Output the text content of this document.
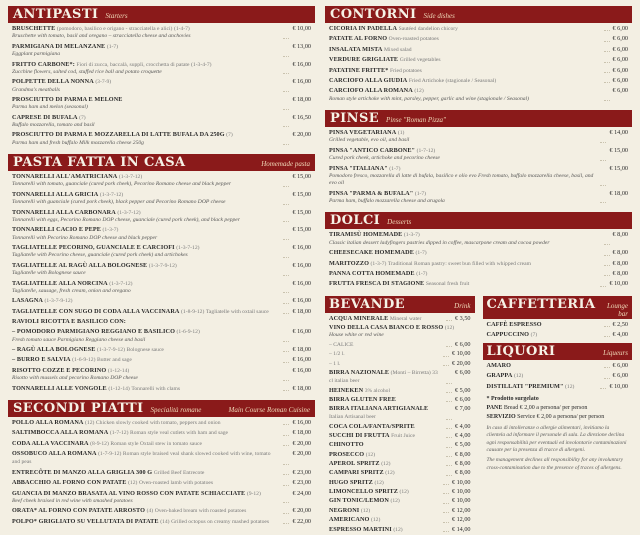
ANTIPASTI Starters
BRUSCHETTE (pomodoro, basilico e origano - stracciatella e alici) (1-4-7)
Bruschette with tomato, basil and oregano – stracciatella cheese and anchovies
€ 10,00
PARMIGIANA DI MELANZANE (1-7)
Eggplant parmigiana
€ 13,00
FRITTO CARBONE*: Fiori di zucca, baccalà, supplì, crocchetta di patate (1-3-4-7)
Zucchine flowers, salted cod, stuffed rice ball and potato croquette
€ 16,00
POLPETTE DELLA NONNA (3-7-9)
Grandma's meatballs
€ 16,00
PROSCIUTTO DI PARMA E MELONE
Parma ham and melon (seasonal)
€ 18,00
CAPRESE DI BUFALA (7)
Buffalo mozzarella, tomato and basil
€ 16,50
PROSCIUTTO DI PARMA E MOZZARELLA DI LATTE BUFALA DA 250G (7)
Parma ham and fresh buffalo Milk mozzarella cheese 250g
€ 20,00
PASTA FATTA IN CASA	Homemade pasta
TONNARELLI ALL'AMATRICIANA (1-3-7-12)
Tonnarelli with tomato, guanciale (cured pork cheek), Pecorino Romano cheese and black pepper
€ 15,00
TONNARELLI ALLA GRICIA (1-3-7-12)
Tonnarelli with guanciale (cured pork cheek), black pepper and Pecorino Romano DOP cheese
€ 15,00
TONNARELLI ALLA CARBONARA (1-3-7-12)
Tonnarelli with eggs, Pecorino Romano DOP cheese, guanciale (cured pork cheek), and black pepper
€ 15,00
TONNARELLI CACIO E PEPE (1-3-7)
Tonnarelli with Pecorino Romano DOP cheese and black pepper
€ 15,00
TAGLIATELLE PECORINO, GUANCIALE E CARCIOFI (1-3-7-12)
Tagliatelle with Pecorino cheese, guanciale (cured pork cheek) and artichokes
€ 16,00
TAGLIATELLE AL RAGÙ ALLA BOLOGNESE (1-3-7-9-12)
Tagliatelle with Bolognese sauce
€ 16,00
TAGLIATELLE ALLA NORCINA (1-3-7-12)
Tagliatelle, sausage, fresh cream, onion and oregano
€ 16,00
LASAGNA (1-3-7-9-12)	€ 16,00
TAGLIATELLE CON SUGO DI CODA ALLA VACCINARA (1-8-9-12) Tagliatelle with oxtail sauce	€ 18,00
RAVIOLI RICOTTA E BASILICO CON:
– POMODORO PARMIGIANO REGGIANO E BASILICO (1-6-9-12)
Fresh tomato sauce Parmigiano Reggiano cheese and basil
€ 16,00
– RAGÙ ALLA BOLOGNESE (1-3-7-9-12) Bolognese sauce	€ 18,00
– BURRO E SALVIA (1-6-9-12) Butter and sage	€ 16,00
RISOTTO COZZE E PECORINO (1-12-14)
Risotto with mussels and pecorino Romano DOP cheese
€ 16,00
TONNARELLI ALLE VONGOLE (1-12-14) Tonnarelli with clams	€ 18,00
SECONDI PIATTI Specialità romane	Main Course Roman Cuisine
POLLO ALLA ROMANA (12) Chicken slowly cooked with tomato, peppers and onion	€ 16,00
SALTIMBOCCA ALLA ROMANA (1-7-12) Roman style veal cutlets with ham and sage	€ 18,00
CODA ALLA VACCINARA (8-9-12) Roman style Oxtail stew in tomato sauce	€ 20,00
OSSOBUCO ALLA ROMANA (1-7-9-12) Roman style braised veal shank slowed cooked with wine, tomato and peas
€ 20,00
ENTRECÔTE DI MANZO ALLA GRIGLIA 300 G Grilled Beef Entrecote	€ 23,00
ABBACCHIO AL FORNO CON PATATE (12) Oven-roasted lamb with potatoes	€ 23,00
GUANCIA DI MANZO BRASATA AL VINO ROSSO CON PATATE SCHIACCIATE (9-12)
Beef cheek braised in red wine with smashed potatoes
€ 24,00
ORATA* AL FORNO CON PATATE ARROSTO (4) Oven-baked bream with roasted potatoes	€ 20,00
POLPO* GRIGLIATO SU VELLUTATA DI PATATE (14) Grilled octopus on creamy mashed potatoes	€ 22,00
CONTORNI Side dishes
CICORIA IN PADELLA Sautéed dandelion chicory	€ 6,00
PATATE AL FORNO Oven-roasted potatoes	€ 6,00
INSALATA MISTA Mixed salad	€ 6,00
VERDURE GRIGLIATE Grilled vegetables	€ 6,00
PATATINE FRITTE* Fried potatoes	€ 6,00
CARCIOFO ALLA GIUDIA Fried Artichoke (stagionale / Seasonal)	€ 6,00
CARCIOFO ALLA ROMANA (12)
Roman style artichoke with mint, parsley, pepper, garlic and wine (stagionale / Seasonal)
€ 6,00
PINSE Pinse "Roman Pizza"
PINSA VEGETARIANA (1)
Grilled vegetable, evo oil, and basil
€ 14,00
PINSA "ANTICO CARBONE" (1-7-12)
Cured pork cheek, artichoke and pecorino cheese
€ 15,00
PINSA "ITALIANA" (1-7)
Pomodoro fresco, mozzarella di latte di bufala, basilico e olio evo Fresh tomato, buffalo mozzarella cheese, basil, and evo oil
€ 15,00
PINSA "PARMA & BUFALA" (1-7)
Parma ham, buffalo mozzarella cheese and arugola
€ 18,00
DOLCI Desserts
TIRAMISÙ HOMEMADE (1-3-7)
Classic italian dessert ladyfingers pastries dipped in coffee, mascarpone cream and cocoa powder
€ 8,00
CHEESECAKE HOMEMADE (1-7)	€ 8,00
MARITOZZO (1-3-7) Traditional Roman pastry: sweet bun filled with whipped cream	€ 8,00
PANNA COTTA HOMEMADE (1-7)	€ 8,00
FRUTTA FRESCA DI STAGIONE Seasonal fresh fruit	€ 10,00
BEVANDE	Drink
ACQUA MINERALE Mineral water	€ 3,50
VINO DELLA CASA BIANCO E ROSSO (12)
House white or red wine
– CALICE	€ 6,00
– 1/2 l.	€ 10,00
– 1 l.	€ 20,00
BIRRA NAZIONALE (Monti – Birretta) 33 cl italian beer
€ 6,00
HEINEKEN 3% alcohol	€ 5,00
BIRRA GLUTEN FREE	€ 6,00
BIRRA ITALIANA ARTIGIANALE Italian Artisanal beer
€ 7,00
COCA COLA/FANTA/SPRITE	€ 4,00
SUCCHI DI FRUTTA Fruit Juice	€ 4,00
CHINOTTO	€ 5,00
PROSECCO (12)	€ 8,00
APEROL SPRITZ (12)	€ 8,00
CAMPARI SPRITZ (12)	€ 8,00
HUGO SPRITZ (12)	€ 10,00
LIMONCELLO SPRITZ (12)	€ 10,00
GIN TONIC/LEMON (12)	€ 10,00
NEGRONI (12)	€ 12,00
AMERICANO (12)	€ 12,00
ESPRESSO MARTINI (12)	€ 14,00
CAFFETTERIA	Lounge bar
CAFFÈ ESPRESSO	€ 2,50
CAPPUCCINO (7)	€ 4,00
LIQUORI	Liqueurs
AMARO	€ 6,00
GRAPPA (12)	€ 6,00
DISTILLATI "PREMIUM" (12)	€ 10,00
* Prodotto surgelato
PANE Bread € 2,00 a persona/ per person
SERVIZIO Service € 2,00 a persona/ per person
In caso di intolleranze o allergie alimentari, invitiamo la clientela ad informare il personale di sala. La direzione declina ogni responsabilità per eventuali ed involontarie contaminazioni causate per la presenza di tracce di allergeni.
The management declines all responsibility for any involuntary cross-contamination due to the presence of traces of allergens.
